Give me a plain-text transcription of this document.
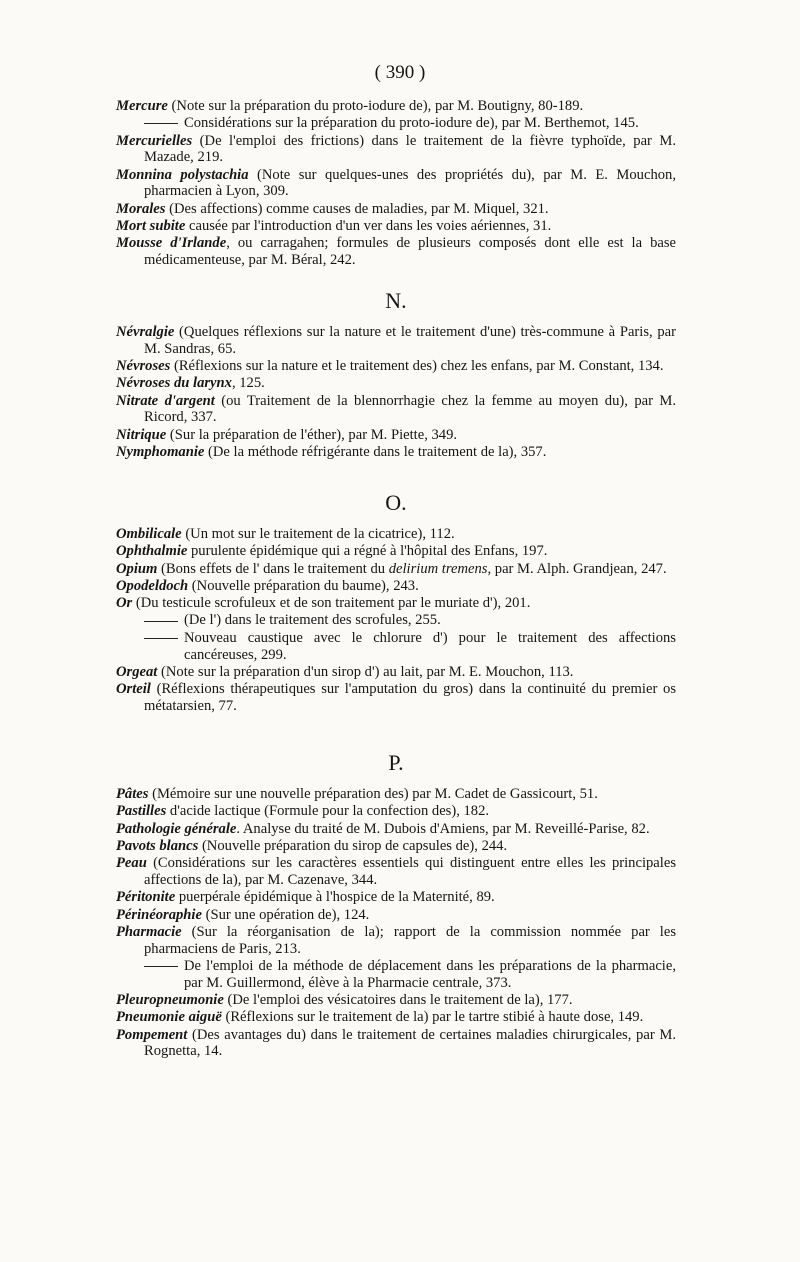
( 390 )

Mercure (Note sur la préparation du proto-iodure de), par M. Boutigny, 80-189.

Considérations sur la préparation du proto-iodure de), par M. Berthemot, 145.

Mercurielles (De l'emploi des frictions) dans le traitement de la fièvre typhoïde, par M. Mazade, 219.

Monnina polystachia (Note sur quelques-unes des propriétés du), par M. E. Mouchon, pharmacien à Lyon, 309.

Morales (Des affections) comme causes de maladies, par M. Miquel, 321.

Mort subite causée par l'introduction d'un ver dans les voies aériennes, 31.

Mousse d'Irlande, ou carragahen; formules de plusieurs composés dont elle est la base médicamenteuse, par M. Béral, 242.

N.

Névralgie (Quelques réflexions sur la nature et le traitement d'une) très-commune à Paris, par M. Sandras, 65.

Névroses (Réflexions sur la nature et le traitement des) chez les enfans, par M. Constant, 134.

Névroses du larynx, 125.

Nitrate d'argent (ou Traitement de la blennorrhagie chez la femme au moyen du), par M. Ricord, 337.

Nitrique (Sur la préparation de l'éther), par M. Piette, 349.

Nymphomanie (De la méthode réfrigérante dans le traitement de la), 357.

O.

Ombilicale (Un mot sur le traitement de la cicatrice), 112.

Ophthalmie purulente épidémique qui a régné à l'hôpital des Enfans, 197.

Opium (Bons effets de l' dans le traitement du delirium tremens, par M. Alph. Grandjean, 247.

Opodeldoch (Nouvelle préparation du baume), 243.

Or (Du testicule scrofuleux et de son traitement par le muriate d'), 201.

(De l') dans le traitement des scrofules, 255.

Nouveau caustique avec le chlorure d') pour le traitement des affections cancéreuses, 299.

Orgeat (Note sur la préparation d'un sirop d') au lait, par M. E. Mouchon, 113.

Orteil (Réflexions thérapeutiques sur l'amputation du gros) dans la continuité du premier os métatarsien, 77.

P.

Pâtes (Mémoire sur une nouvelle préparation des) par M. Cadet de Gassicourt, 51.

Pastilles d'acide lactique (Formule pour la confection des), 182.

Pathologie générale. Analyse du traité de M. Dubois d'Amiens, par M. Reveillé-Parise, 82.

Pavots blancs (Nouvelle préparation du sirop de capsules de), 244.

Peau (Considérations sur les caractères essentiels qui distinguent entre elles les principales affections de la), par M. Cazenave, 344.

Péritonite puerpérale épidémique à l'hospice de la Maternité, 89.

Périnéoraphie (Sur une opération de), 124.

Pharmacie (Sur la réorganisation de la); rapport de la commission nommée par les pharmaciens de Paris, 213.

De l'emploi de la méthode de déplacement dans les préparations de la pharmacie, par M. Guillermond, élève à la Pharmacie centrale, 373.

Pleuropneumonie (De l'emploi des vésicatoires dans le traitement de la), 177.

Pneumonie aiguë (Réflexions sur le traitement de la) par le tartre stibié à haute dose, 149.

Pompement (Des avantages du) dans le traitement de certaines maladies chirurgicales, par M. Rognetta, 14.
